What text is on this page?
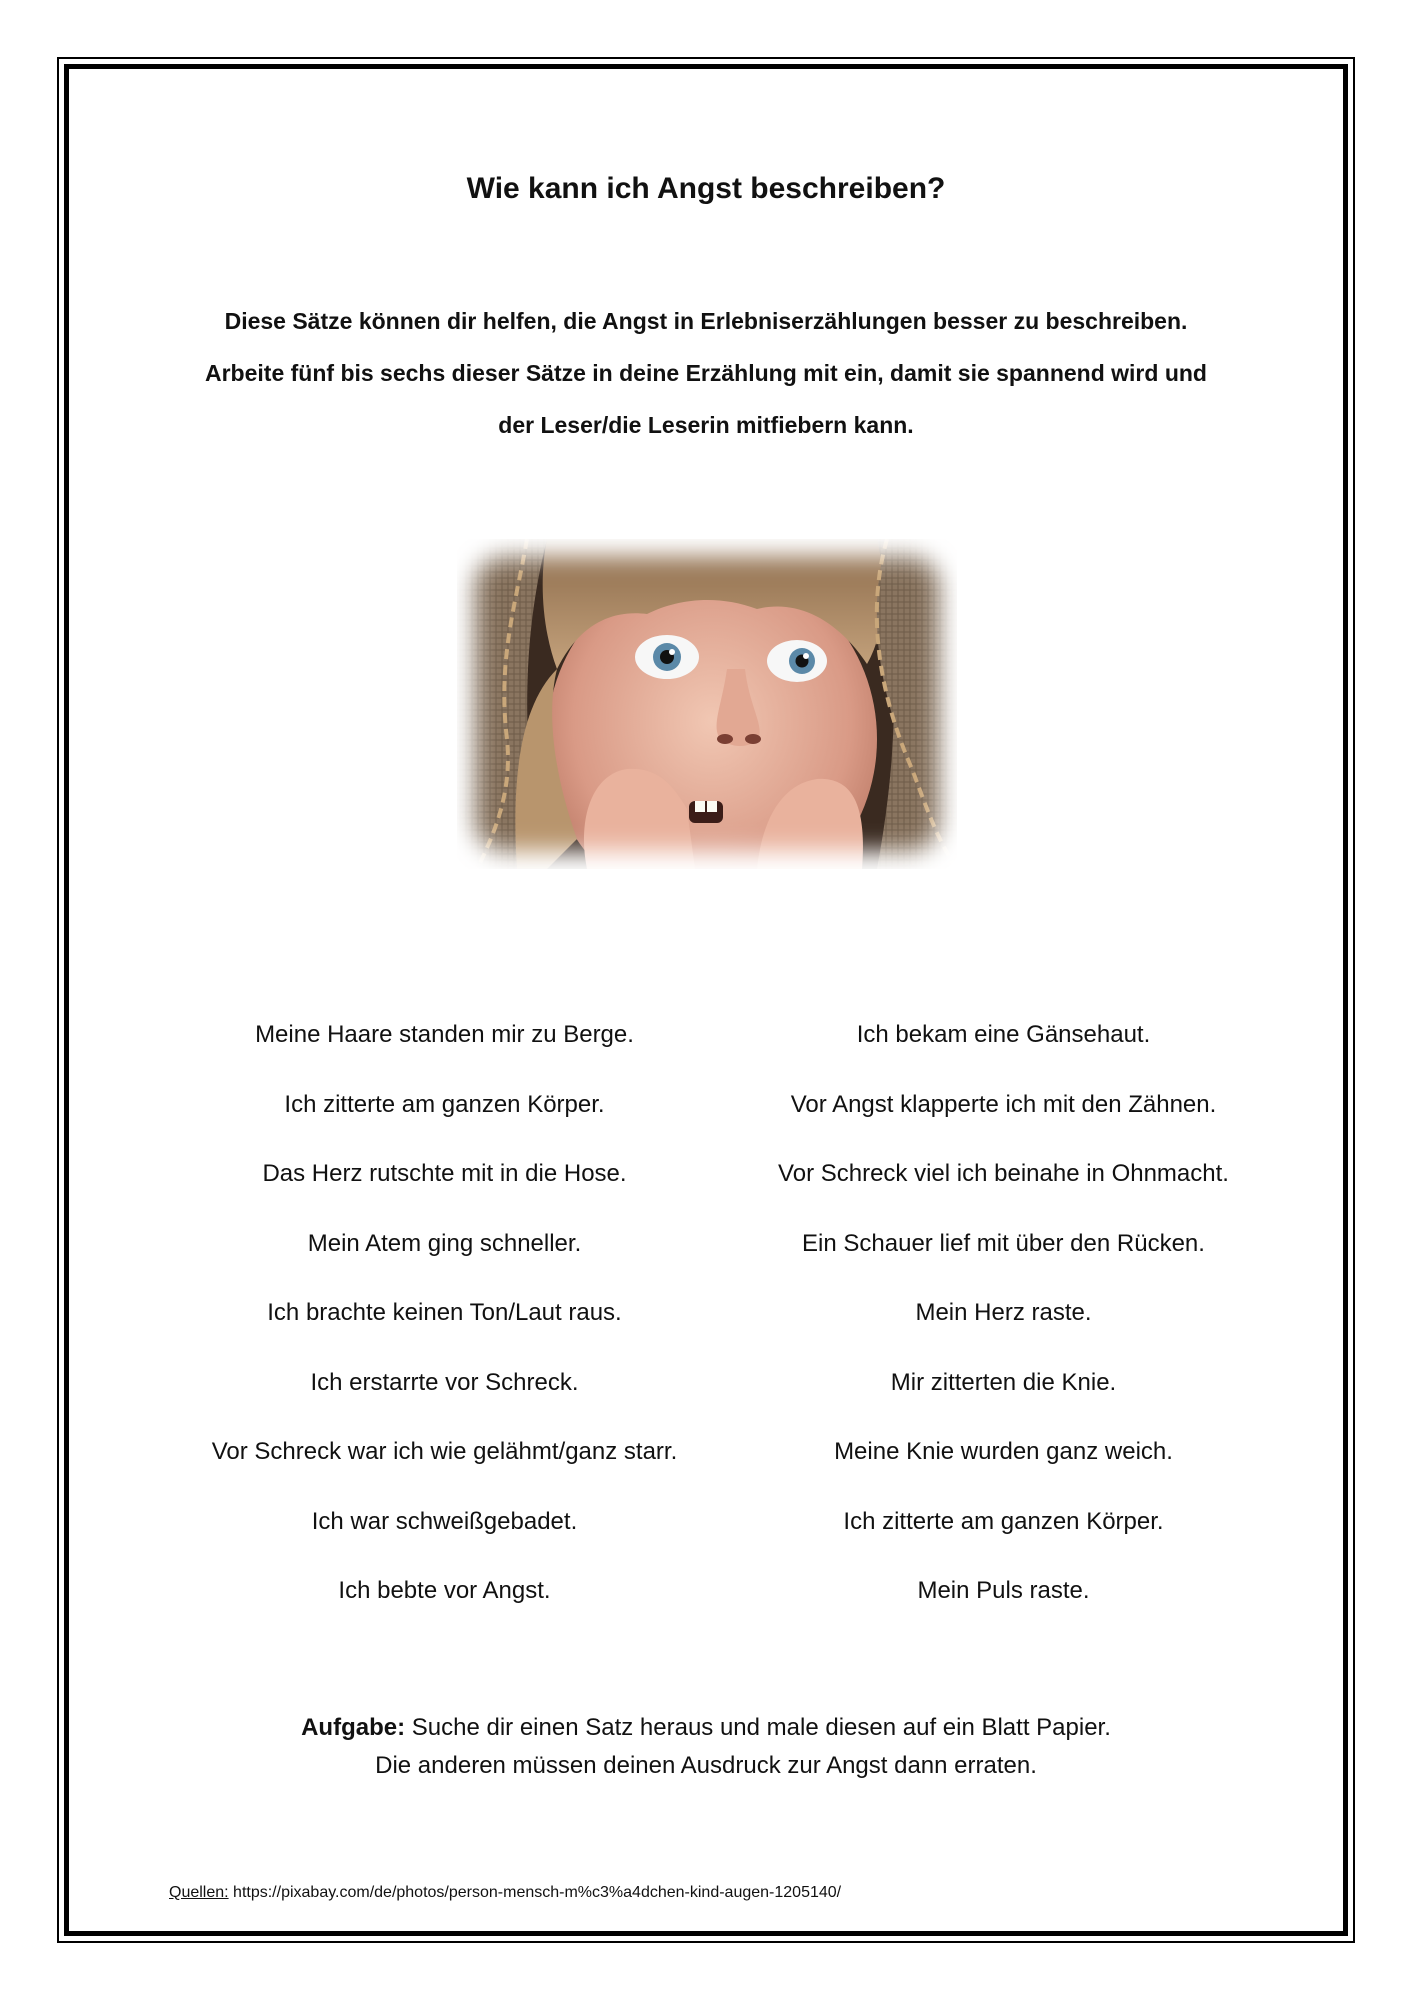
Wie kann ich Angst beschreiben?
Diese Sätze können dir helfen, die Angst in Erlebniserzählungen besser zu beschreiben.
Arbeite fünf bis sechs dieser Sätze in deine Erzählung mit ein, damit sie spannend wird und
der Leser/die Leserin mitfiebern kann.
Meine Haare standen mir zu Berge.	Ich bekam eine Gänsehaut.
Ich zitterte am ganzen Körper.	Vor Angst klapperte ich mit den Zähnen.
Das Herz rutschte mit in die Hose.	Vor Schreck viel ich beinahe in Ohnmacht.
Mein Atem ging schneller.	Ein Schauer lief mit über den Rücken.
Ich brachte keinen Ton/Laut raus.	Mein Herz raste.
Ich erstarrte vor Schreck.	Mir zitterten die Knie.
Vor Schreck war ich wie gelähmt/ganz starr.	Meine Knie wurden ganz weich.
Ich war schweißgebadet.	Ich zitterte am ganzen Körper.
Ich bebte vor Angst.	Mein Puls raste.
Aufgabe: Suche dir einen Satz heraus und male diesen auf ein Blatt Papier.
Die anderen müssen deinen Ausdruck zur Angst dann erraten.
Quellen: https://pixabay.com/de/photos/person-mensch-m%c3%a4dchen-kind-augen-1205140/
